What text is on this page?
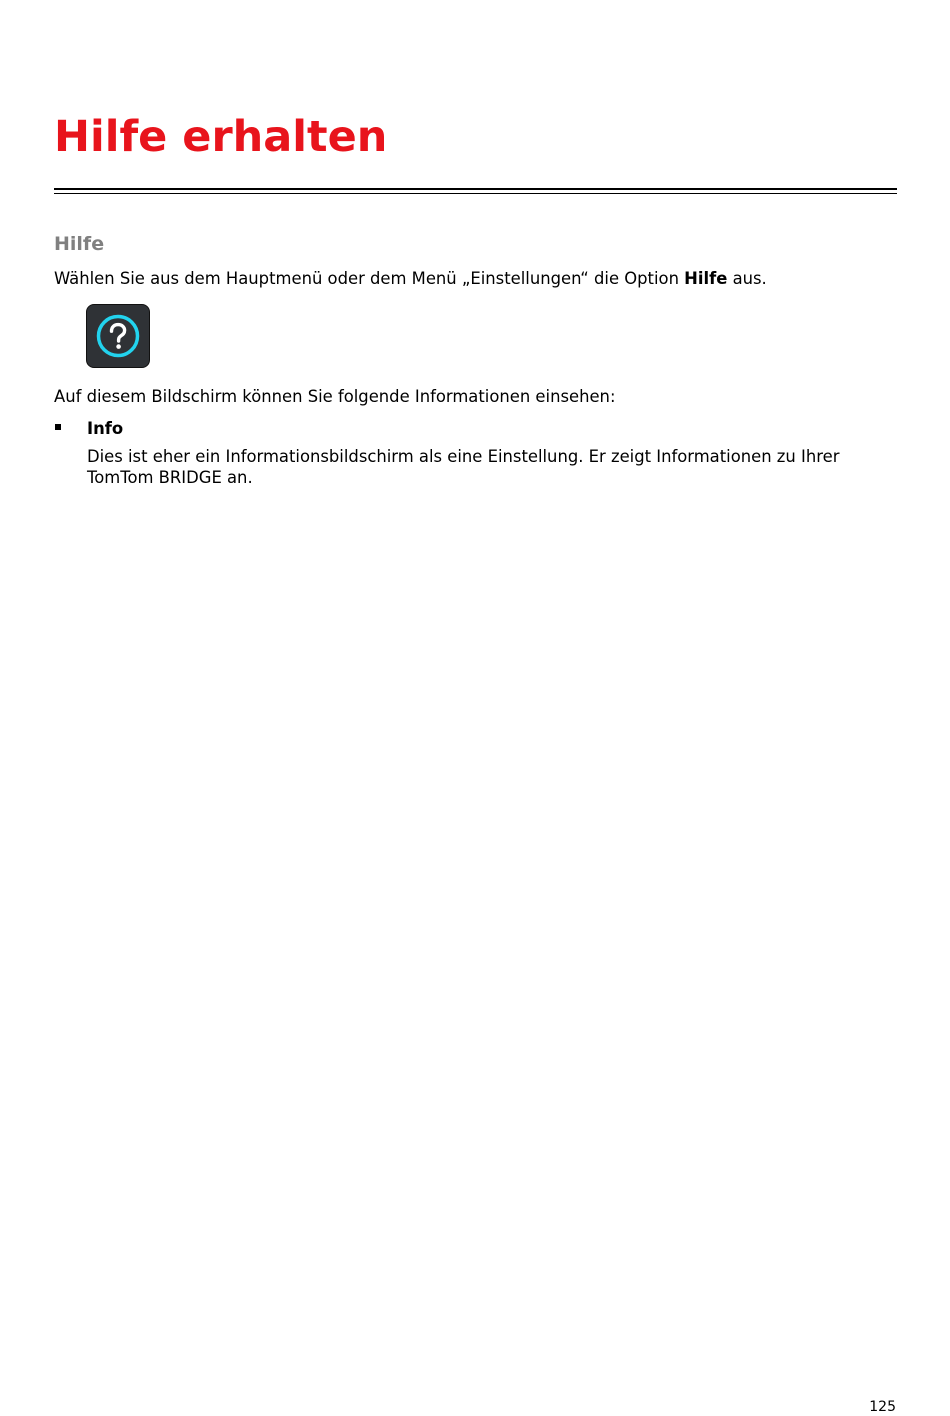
Hilfe erhalten
Hilfe

Wählen Sie aus dem Hauptmenü oder dem Menü „Einstellungen“ die Option Hilfe aus.

Auf diesem Bildschirm können Sie folgende Informationen einsehen:

Info

Dies ist eher ein Informationsbildschirm als eine Einstellung. Er zeigt Informationen zu Ihrer TomTom BRIDGE an.

125
